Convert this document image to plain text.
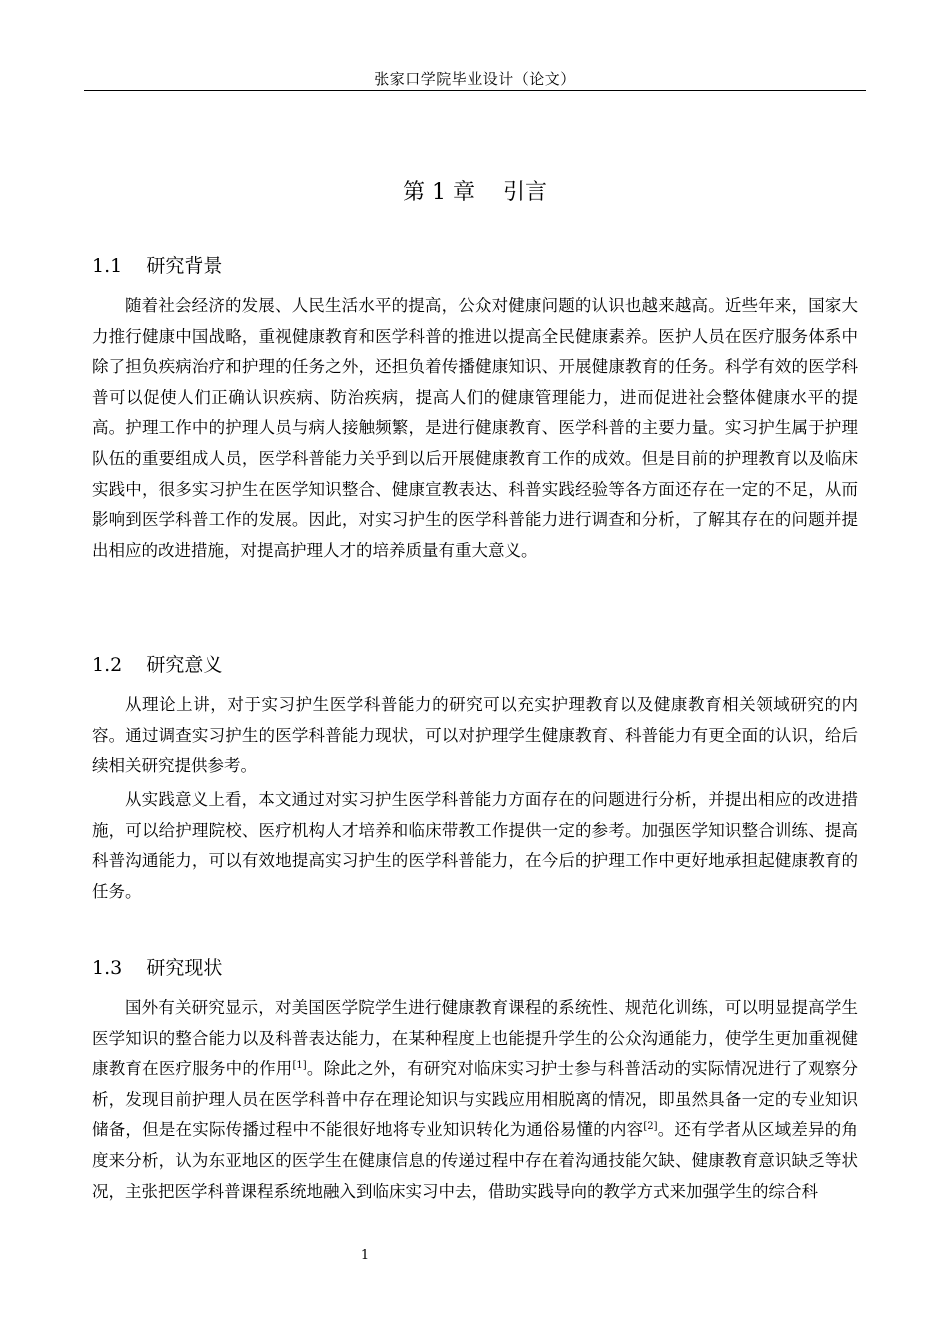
张家口学院毕业设计（论文）
第 1 章    引言
1.1    研究背景

随着社会经济的发展、人民生活水平的提高，公众对健康问题的认识也越来越高。近些年来，国家大力推行健康中国战略，重视健康教育和医学科普的推进以提高全民健康素养。医护人员在医疗服务体系中除了担负疾病治疗和护理的任务之外，还担负着传播健康知识、开展健康教育的任务。科学有效的医学科普可以促使人们正确认识疾病、防治疾病，提高人们的健康管理能力，进而促进社会整体健康水平的提高。护理工作中的护理人员与病人接触频繁，是进行健康教育、医学科普的主要力量。实习护生属于护理队伍的重要组成人员，医学科普能力关乎到以后开展健康教育工作的成效。但是目前的护理教育以及临床实践中，很多实习护生在医学知识整合、健康宣教表达、科普实践经验等各方面还存在一定的不足，从而影响到医学科普工作的发展。因此，对实习护生的医学科普能力进行调查和分析，了解其存在的问题并提出相应的改进措施，对提高护理人才的培养质量有重大意义。

1.2    研究意义

从理论上讲，对于实习护生医学科普能力的研究可以充实护理教育以及健康教育相关领域研究的内容。通过调查实习护生的医学科普能力现状，可以对护理学生健康教育、科普能力有更全面的认识，给后续相关研究提供参考。

从实践意义上看，本文通过对实习护生医学科普能力方面存在的问题进行分析，并提出相应的改进措施，可以给护理院校、医疗机构人才培养和临床带教工作提供一定的参考。加强医学知识整合训练、提高科普沟通能力，可以有效地提高实习护生的医学科普能力，在今后的护理工作中更好地承担起健康教育的任务。

1.3    研究现状

国外有关研究显示，对美国医学院学生进行健康教育课程的系统性、规范化训练，可以明显提高学生医学知识的整合能力以及科普表达能力，在某种程度上也能提升学生的公众沟通能力，使学生更加重视健康教育在医疗服务中的作用[1]。除此之外，有研究对临床实习护士参与科普活动的实际情况进行了观察分析，发现目前护理人员在医学科普中存在理论知识与实践应用相脱离的情况，即虽然具备一定的专业知识储备，但是在实际传播过程中不能很好地将专业知识转化为通俗易懂的内容[2]。还有学者从区域差异的角度来分析，认为东亚地区的医学生在健康信息的传递过程中存在着沟通技能欠缺、健康教育意识缺乏等状况，主张把医学科普课程系统地融入到临床实习中去，借助实践导向的教学方式来加强学生的综合科

1
